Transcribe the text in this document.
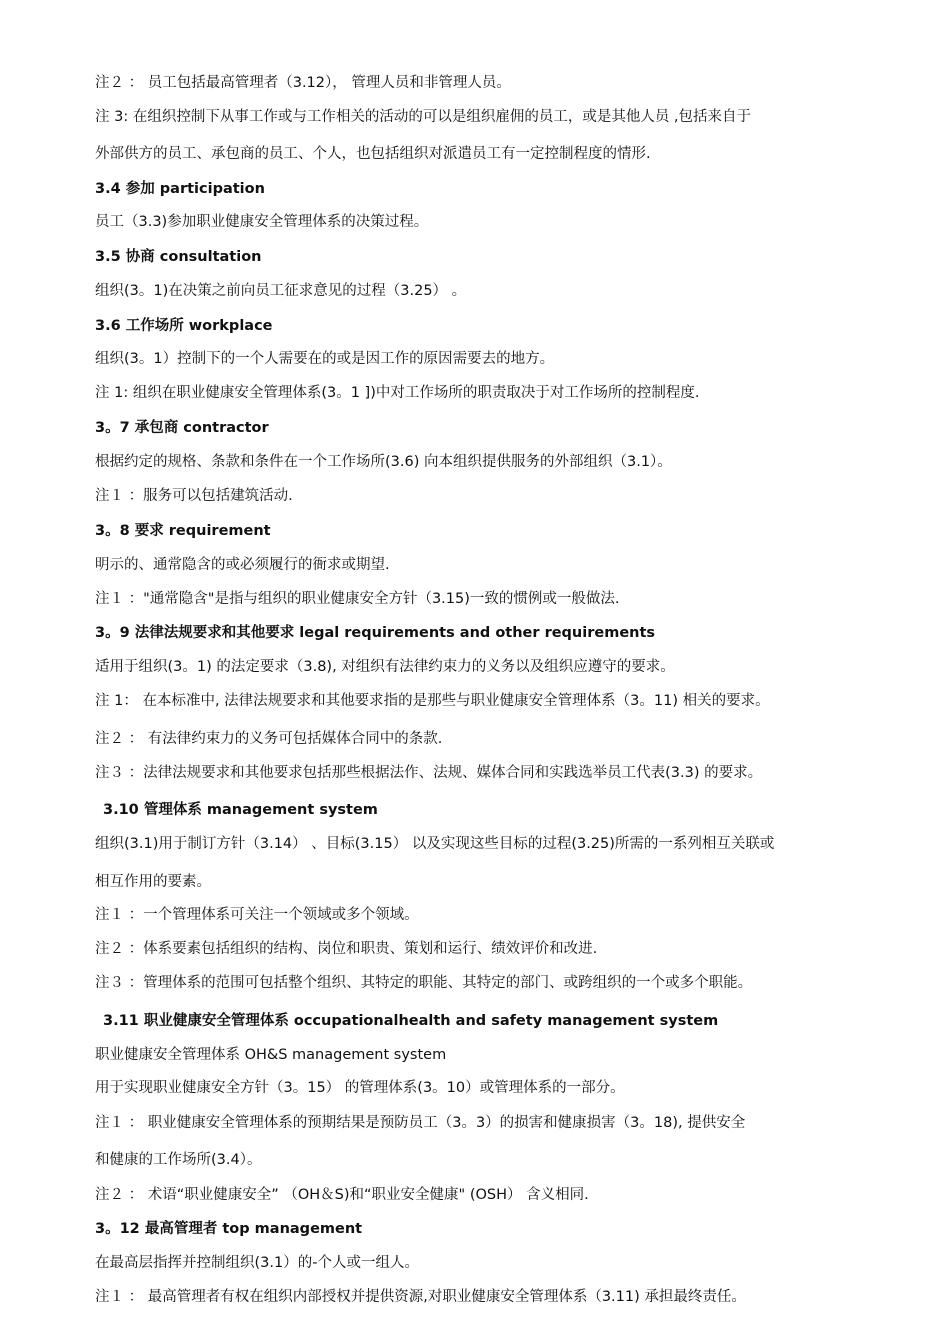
注２ ： 员工包括最高管理者（3.12）， 管理人员和非管理人员。
注 3: 在组织控制下从事工作或与工作相关的活动的可以是组织雇佣的员工，或是其他人员 ,包括来自于
外部供方的员工、承包商的员工、个人，也包括组织对派遣员工有一定控制程度的情形.
3.4 参加 participation
员工（3.3)参加职业健康安全管理体系的决策过程。
3.5 协商 consultation
组织(3。1)在决策之前向员工征求意见的过程（3.25） 。
3.6 工作场所 workplace
组织(3。1）控制下的一个人需要在的或是因工作的原因需要去的地方。
注 1: 组织在职业健康安全管理体系(3。1 ])中对工作场所的职责取决于对工作场所的控制程度.
3。7 承包商 contractor
根据约定的规格、条款和条件在一个工作场所(3.6) 向本组织提供服务的外部组织（3.1）。
注１ ：服务可以包括建筑活动.
3。8 要求 requirement
明示的、通常隐含的或必须履行的衙求或期望.
注１ ："通常隐含"是指与组织的职业健康安全方针（3.15)一致的惯例或一般做法.
3。9 法律法规要求和其他要求 legal requirements and other requirements
适用于组织(3。1) 的法定要求（3.8), 对组织有法律约束力的义务以及组织应遵守的要求。
注 1： 在本标准中, 法律法规要求和其他要求指的是那些与职业健康安全管理体系（3。11) 相关的要求。
注２ ： 有法律约束力的义务可包括媒体合同中的条款.
注３ ：法律法规要求和其他要求包括那些根据法作、法规、媒体合同和实践选举员工代表(3.3) 的要求。
3.10 管理体系 management system
组织(3.1)用于制订方针（3.14） 、目标(3.15） 以及实现这些目标的过程(3.25)所需的一系列相互关联或
相互作用的要素。
注１ ：一个管理体系可关注一个领域或多个领域。
注２ ：体系要素包括组织的结构、岗位和职贵、策划和运行、绩效评价和改进.
注３ ：管理体系的范围可包括整个组织、其特定的职能、其特定的部门、或跨组织的一个或多个职能。
3.11 职业健康安全管理体系 occupationalhealth and safety management system
职业健康安全管理体系 OH&S management system
用于实现职业健康安全方针（3。15） 的管理体系(3。10）或管理体系的一部分。
注１ ： 职业健康安全管理体系的预期结果是预防员工（3。3）的损害和健康损害（3。18), 提供安全
和健康的工作场所(3.4）。
注２ ： 术语“职业健康安全” （OH＆S)和“职业安全健康" (OSH） 含义相同.
3。12 最高管理者 top management
在最高层指挥并控制组织(3.1）的-个人或一组人。
注１ ： 最高管理者有权在组织内部授权并提供资源,对职业健康安全管理体系（3.11) 承担最终责任。
